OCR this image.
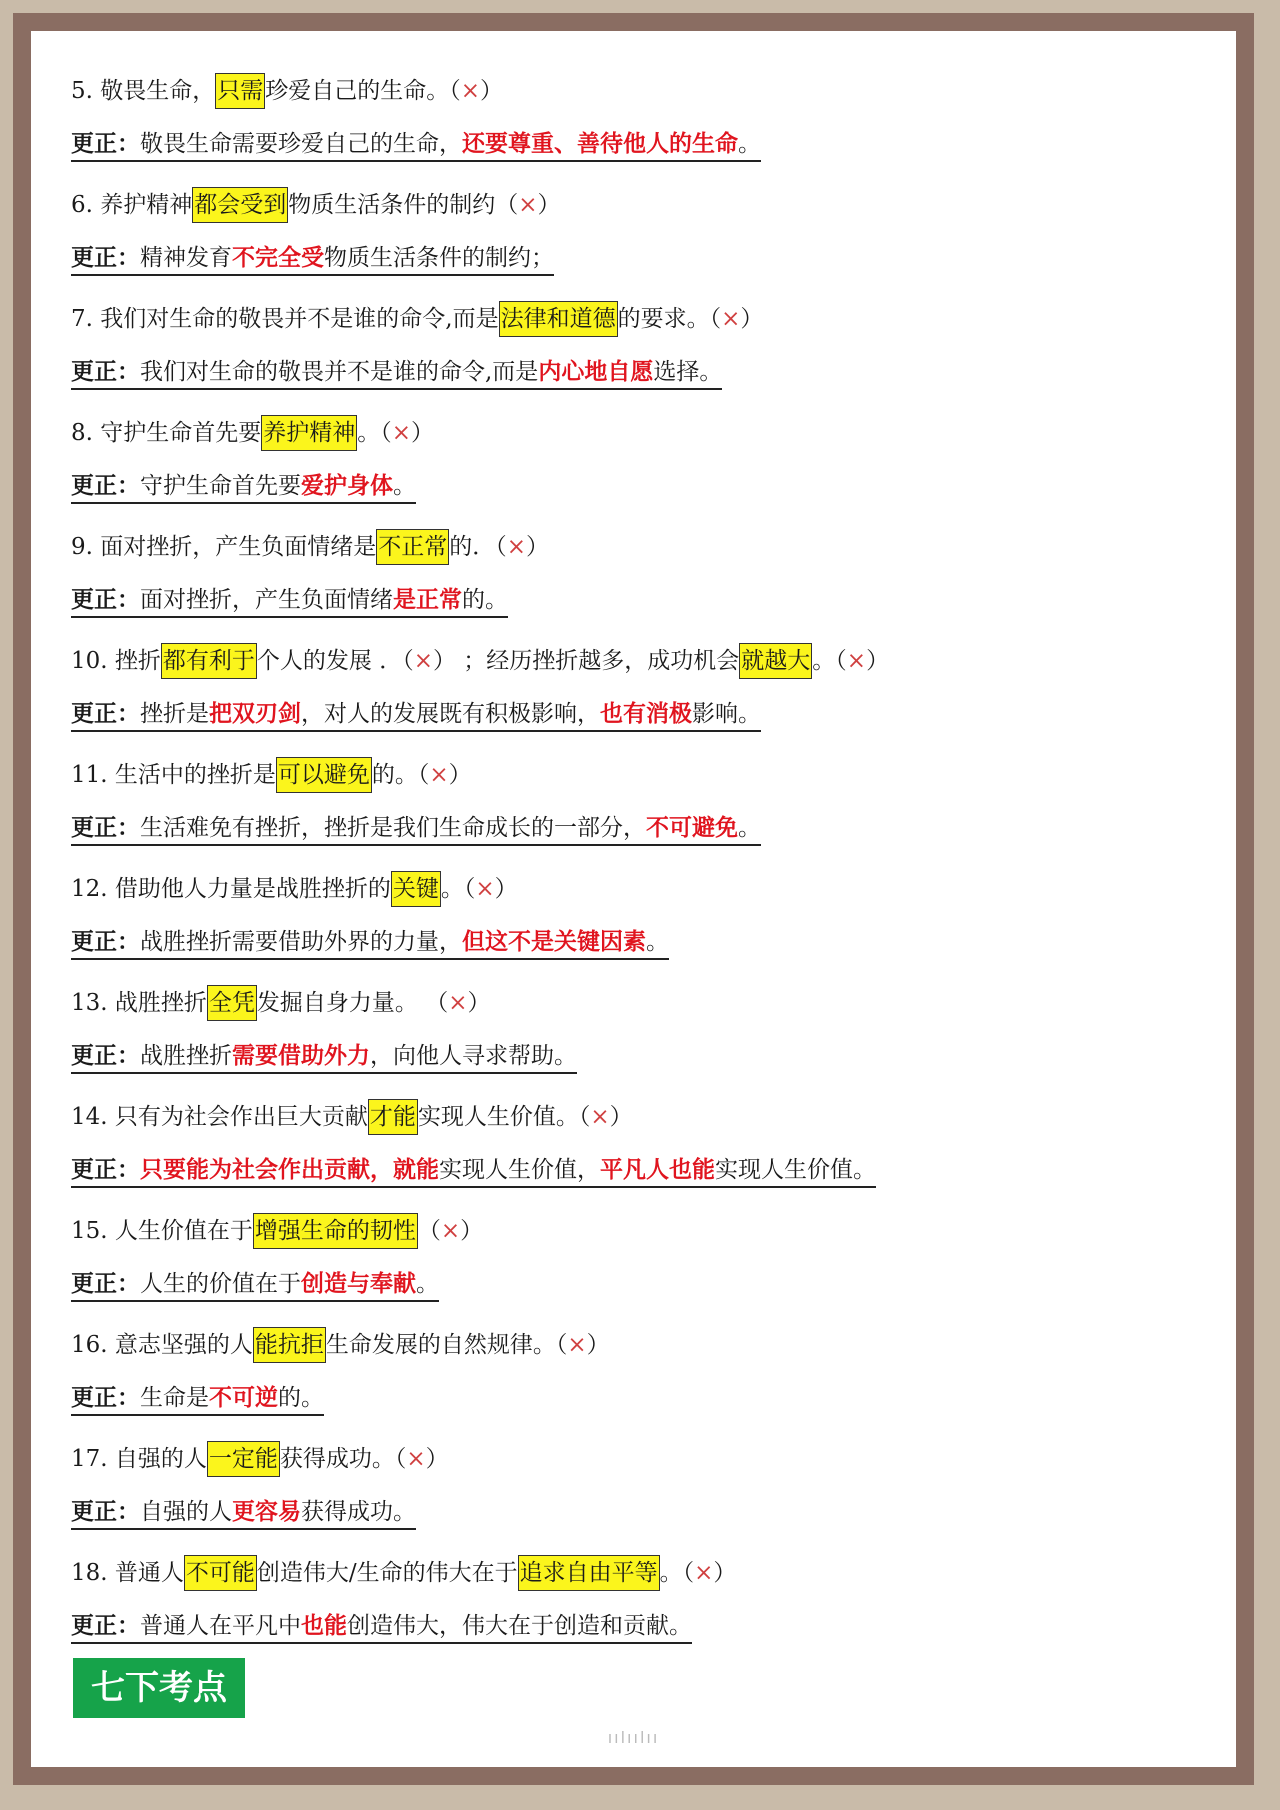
5. 敬畏生命，只需珍爱自己的生命。（×）
更正：敬畏生命需要珍爱自己的生命，还要尊重、善待他人的生命。
6. 养护精神都会受到物质生活条件的制约（×）
更正：精神发育不完全受物质生活条件的制约；
7. 我们对生命的敬畏并不是谁的命令,而是法律和道德的要求。（×）
更正：我们对生命的敬畏并不是谁的命令,而是内心地自愿选择。
8. 守护生命首先要养护精神。（×）
更正：守护生命首先要爱护身体。
9. 面对挫折，产生负面情绪是不正常的．（×）
更正：面对挫折，产生负面情绪是正常的。
10. 挫折都有利于个人的发展 ．（×） ；经历挫折越多，成功机会就越大。（×）
更正：挫折是把双刃剑，对人的发展既有积极影响，也有消极影响。
11. 生活中的挫折是可以避免的。（×）
更正：生活难免有挫折，挫折是我们生命成长的一部分，不可避免。
12. 借助他人力量是战胜挫折的关键。（×）
更正：战胜挫折需要借助外界的力量，但这不是关键因素。
13. 战胜挫折全凭发掘自身力量。 （×）
更正：战胜挫折需要借助外力，向他人寻求帮助。
14. 只有为社会作出巨大贡献才能实现人生价值。（×）
更正：只要能为社会作出贡献，就能实现人生价值，平凡人也能实现人生价值。
15. 人生价值在于增强生命的韧性（×）
更正：人生的价值在于创造与奉献。
16. 意志坚强的人能抗拒生命发展的自然规律。（×）
更正：生命是不可逆的。
17. 自强的人一定能获得成功。（×）
更正：自强的人更容易获得成功。
18. 普通人不可能创造伟大/生命的伟大在于追求自由平等。（×）
更正：普通人在平凡中也能创造伟大，伟大在于创造和贡献。
ıılıılıı
七下考点
